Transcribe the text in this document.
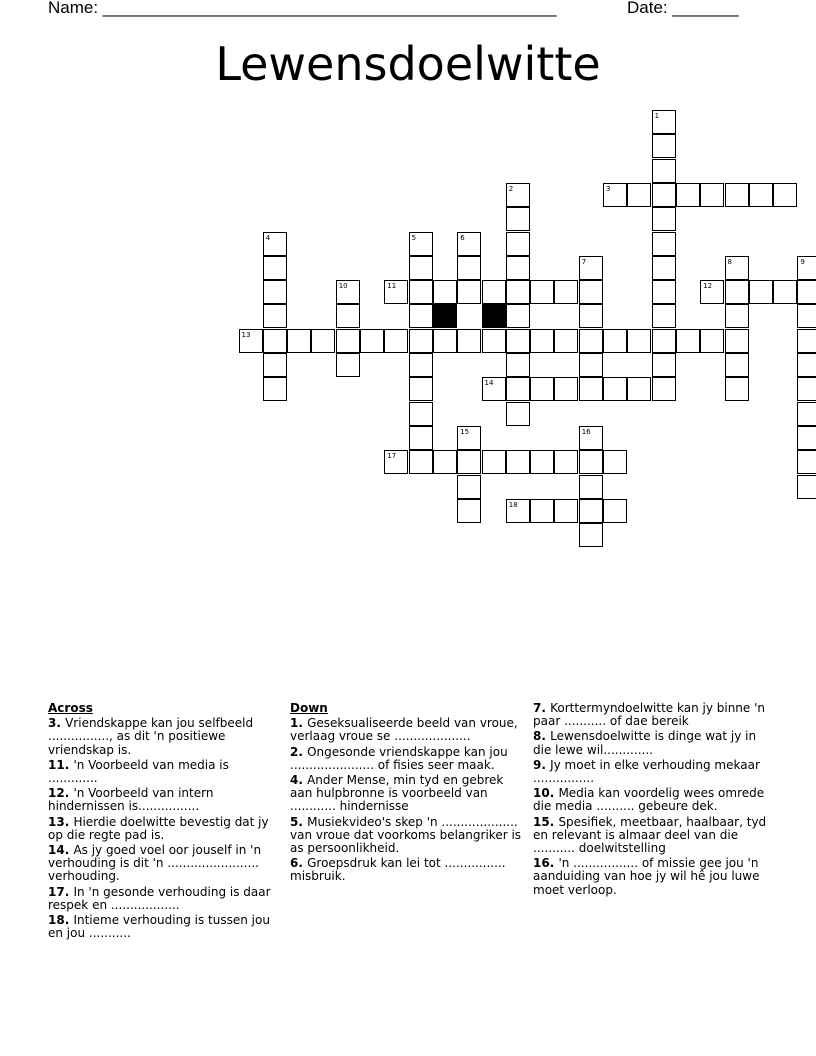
Name: ________________________________________________	Date: _______
Lewensdoelwitte
1
2	3
4	5	6
7	8	9
10	11	12
13
14
15	16
17
18
Across
3. Vriendskappe kan jou selfbeeld ................, as dit 'n positiewe vriendskap is.
11. 'n Voorbeeld van media is .............
12. 'n Voorbeeld van intern hindernissen is................
13. Hierdie doelwitte bevestig dat jy op die regte pad is.
14. As jy goed voel oor jouself in 'n verhouding is dit 'n ........................ verhouding.
17. In 'n gesonde verhouding is daar respek en ..................
18. Intieme verhouding is tussen jou en jou ...........
Down
1. Geseksualiseerde beeld van vroue, verlaag vroue se ....................
2. Ongesonde vriendskappe kan jou ...................... of fisies seer maak.
4. Ander Mense, min tyd en gebrek aan hulpbronne is voorbeeld van ............ hindernisse
5. Musiekvideo's skep 'n .................... van vroue dat voorkoms belangriker is as persoonlikheid.
6. Groepsdruk kan lei tot ................ misbruik.
7. Korttermyndoelwitte kan jy binne 'n paar ........... of dae bereik
8. Lewensdoelwitte is dinge wat jy in die lewe wil.............
9. Jy moet in elke verhouding mekaar ................
10. Media kan voordelig wees omrede die media .......... gebeure dek.
15. Spesifiek, meetbaar, haalbaar, tyd en relevant is almaar deel van die ........... doelwitstelling
16. 'n ................. of missie gee jou 'n aanduiding van hoe jy wil hê jou luwe moet verloop.
